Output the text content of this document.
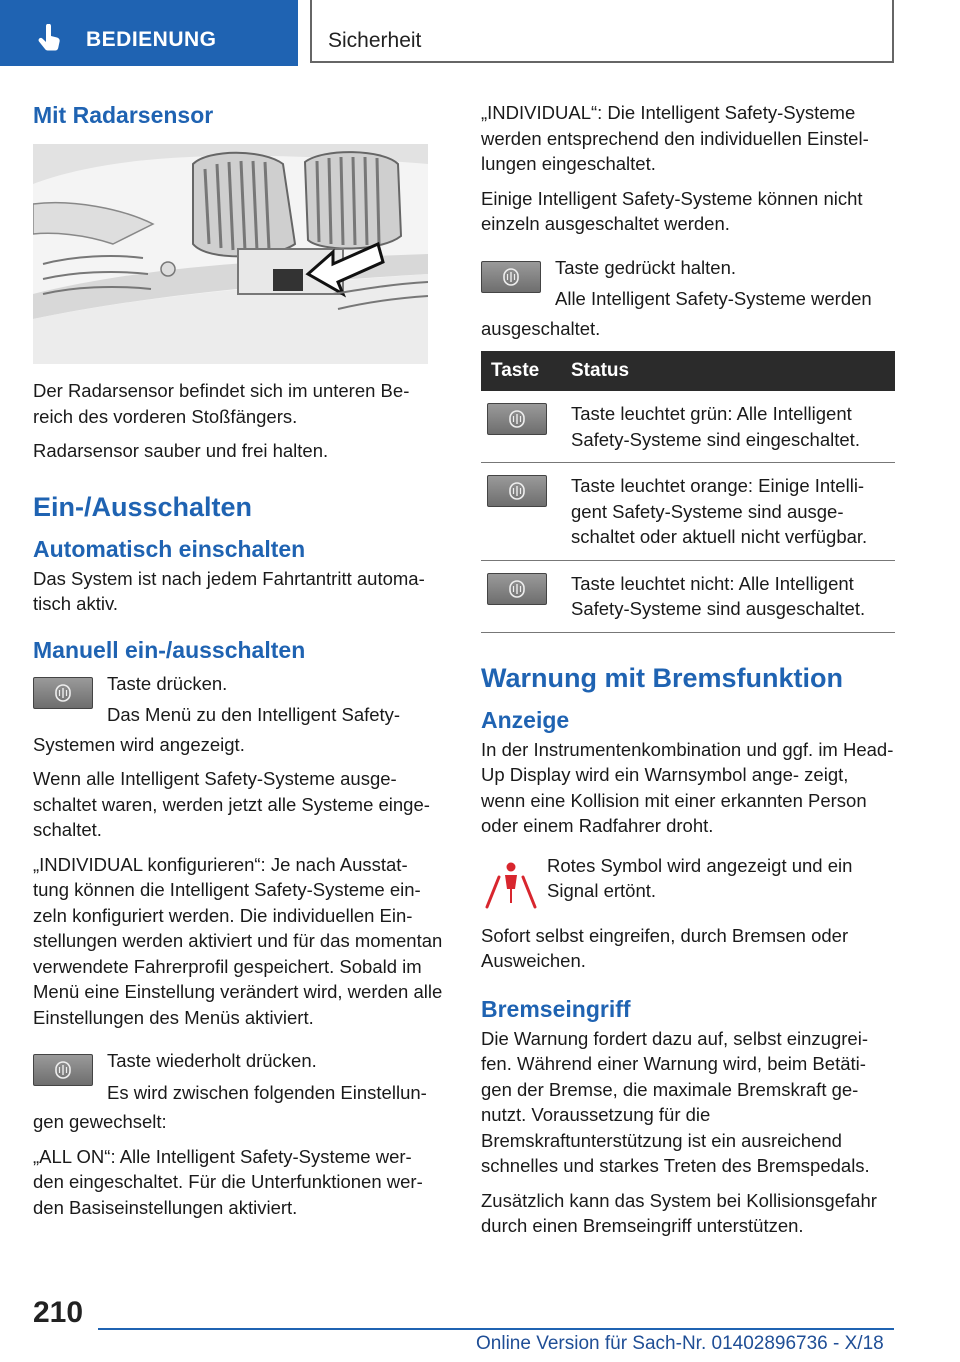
BEDIENUNG	Sicherheit
Mit Radarsensor

Der Radarsensor befindet sich im unteren Be‐ reich des vorderen Stoßfängers.

Radarsensor sauber und frei halten.

Ein-/Ausschalten
Automatisch einschalten

Das System ist nach jedem Fahrtantritt automa‐ tisch aktiv.

Manuell ein-/ausschalten

Taste drücken.

Das Menü zu den Intelligent Safety-

Systemen wird angezeigt.

Wenn alle Intelligent Safety-Systeme ausge‐ schaltet waren, werden jetzt alle Systeme einge‐ schaltet.

„INDIVIDUAL konfigurieren“: Je nach Ausstat‐ tung können die Intelligent Safety-Systeme ein‐ zeln konfiguriert werden. Die individuellen Ein‐ stellungen werden aktiviert und für das momentan verwendete Fahrerprofil gespeichert. Sobald im Menü eine Einstellung verändert wird, werden alle Einstellungen des Menüs aktiviert.

Taste wiederholt drücken.

Es wird zwischen folgenden Einstellun‐

gen gewechselt:

„ALL ON“: Alle Intelligent Safety-Systeme wer‐ den eingeschaltet. Für die Unterfunktionen wer‐ den Basiseinstellungen aktiviert.

„INDIVIDUAL“: Die Intelligent Safety-Systeme werden entsprechend den individuellen Einstel‐ lungen eingeschaltet.

Einige Intelligent Safety-Systeme können nicht einzeln ausgeschaltet werden.

Taste gedrückt halten.

Alle Intelligent Safety-Systeme werden

ausgeschaltet.

Taste	Status

	Taste leuchtet grün: Alle Intelligent Safety-Systeme sind eingeschaltet.

	Taste leuchtet orange: Einige Intelli‐ gent Safety-Systeme sind ausge‐ schaltet oder aktuell nicht verfügbar.

	Taste leuchtet nicht: Alle Intelligent Safety-Systeme sind ausgeschaltet.
Warnung mit Bremsfunktion
Anzeige

In der Instrumentenkombination und ggf. im Head-Up Display wird ein Warnsymbol ange‐ zeigt, wenn eine Kollision mit einer erkannten Person oder einem Radfahrer droht.

Rotes Symbol wird angezeigt und ein Signal ertönt.

Sofort selbst eingreifen, durch Bremsen oder Ausweichen.

Bremseingriff

Die Warnung fordert dazu auf, selbst einzugrei‐ fen. Während einer Warnung wird, beim Betäti‐ gen der Bremse, die maximale Bremskraft ge‐ nutzt. Voraussetzung für die Bremskraftunterstützung ist ein ausreichend schnelles und starkes Treten des Bremspedals.

Zusätzlich kann das System bei Kollisionsgefahr durch einen Bremseingriff unterstützen.

210
Online Version für Sach-Nr. 01402896736 - X/18
